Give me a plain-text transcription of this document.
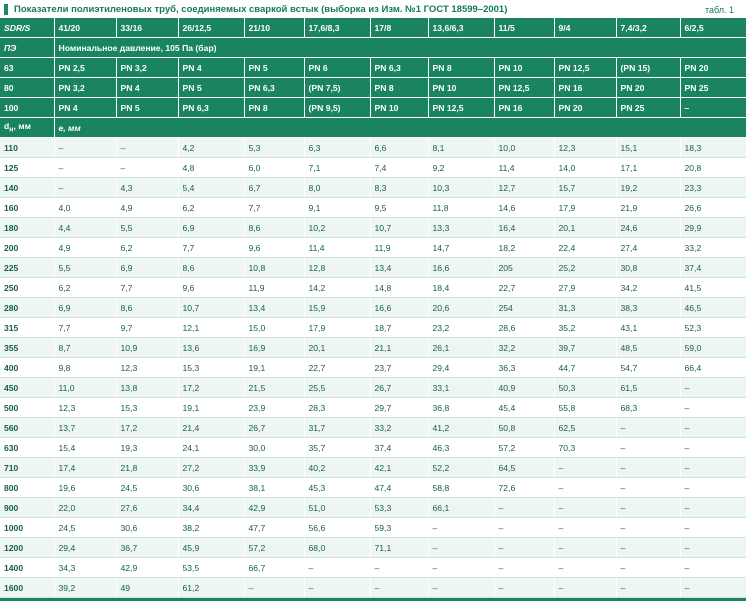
Показатели полиэтиленовых труб, соединяемых сваркой встык (выборка из Изм. №1 ГОСТ 18599–2001)	табл. 1
SDR/S	41/20	33/16	26/12,5	21/10	17,6/8,3	17/8	13,6/6,3	11/5	9/4	7,4/3,2	6/2,5
ПЭ	Номинальное давление, 105 Па (бар)										
63	PN 2,5	PN 3,2	PN 4	PN 5	PN 6	PN 6,3	PN 8	PN 10	PN 12,5	(PN 15)	PN 20
80	PN 3,2	PN 4	PN 5	PN 6,3	(PN 7,5)	PN 8	PN 10	PN 12,5	PN 16	PN 20	PN 25
100	PN 4	PN 5	PN 6,3	PN 8	(PN 9,5)	PN 10	PN 12,5	PN 16	PN 20	PN 25	–
$d_н$, мм	е, мм										
110	–	–	4,2	5,3	6,3	6,6	8,1	10,0	12,3	15,1	18,3
125	–	–	4,8	6,0	7,1	7,4	9,2	11,4	14,0	17,1	20,8
140	–	4,3	5,4	6,7	8,0	8,3	10,3	12,7	15,7	19,2	23,3
160	4,0	4,9	6,2	7,7	9,1	9,5	11,8	14,6	17,9	21,9	26,6
180	4,4	5,5	6,9	8,6	10,2	10,7	13,3	16,4	20,1	24,6	29,9
200	4,9	6,2	7,7	9,6	11,4	11,9	14,7	18,2	22,4	27,4	33,2
225	5,5	6,9	8,6	10,8	12,8	13,4	16,6	205	25,2	30,8	37,4
250	6,2	7,7	9,6	11,9	14,2	14,8	18,4	22,7	27,9	34,2	41,5
280	6,9	8,6	10,7	13,4	15,9	16,6	20,6	254	31,3	38,3	46,5
315	7,7	9,7	12,1	15,0	17,9	18,7	23,2	28,6	35,2	43,1	52,3
355	8,7	10,9	13,6	16,9	20,1	21,1	26,1	32,2	39,7	48,5	59,0
400	9,8	12,3	15,3	19,1	22,7	23,7	29,4	36,3	44,7	54,7	66,4
450	11,0	13,8	17,2	21,5	25,5	26,7	33,1	40,9	50,3	61,5	–
500	12,3	15,3	19,1	23,9	28,3	29,7	36,8	45,4	55,8	68,3	–
560	13,7	17,2	21,4	26,7	31,7	33,2	41,2	50,8	62,5	–	–
630	15,4	19,3	24,1	30,0	35,7	37,4	46,3	57,2	70,3	–	–
710	17,4	21,8	27,2	33,9	40,2	42,1	52,2	64,5	–	–	–
800	19,6	24,5	30,6	38,1	45,3	47,4	58,8	72,6	–	–	–
900	22,0	27,6	34,4	42,9	51,0	53,3	66,1	–	–	–	–
1000	24,5	30,6	38,2	47,7	56,6	59,3	–	–	–	–	–
1200	29,4	36,7	45,9	57,2	68,0	71,1	–	–	–	–	–
1400	34,3	42,9	53,5	66,7	–	–	–	–	–	–	–
1600	39,2	49	61,2	–	–	–	–	–	–	–	–
